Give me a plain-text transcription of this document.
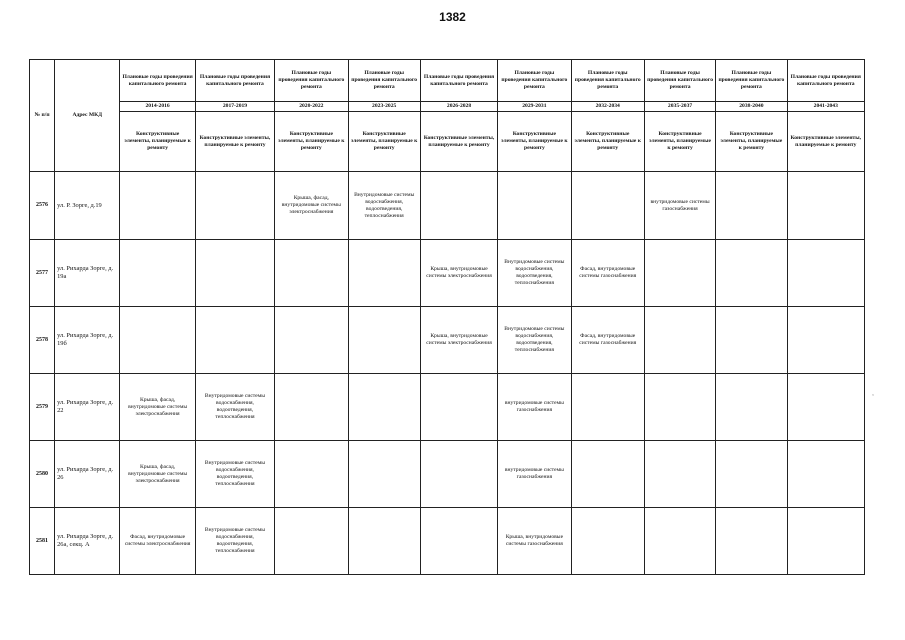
1382
№ п/п	Адрес МКД	Плановые годы проведения капитального ремонта	Плановые годы проведения капитального ремонта	Плановые годы проведения капитального ремонта	Плановые годы проведения капитального ремонта	Плановые годы проведения капитального ремонта	Плановые годы проведения капитального ремонта	Плановые годы проведения капитального ремонта	Плановые годы проведения капитального ремонта	Плановые годы проведения капитального ремонта	Плановые годы проведения капитального ремонта
		2014-2016	2017-2019	2020-2022	2023-2025	2026-2028	2029-2031	2032-2034	2035-2037	2038-2040	2041-2043
		Конструктивные элементы, планируемые к ремонту	Конструктивные элементы, планируемые к ремонту	Конструктивные элементы, планируемые к ремонту	Конструктивные элементы, планируемые к ремонту	Конструктивные элементы, планируемые к ремонту	Конструктивные элементы, планируемые к ремонту	Конструктивные элементы, планируемые к ремонту	Конструктивные элементы, планируемые к ремонту	Конструктивные элементы, планируемые к ремонту	Конструктивные элементы, планируемые к ремонту
2576	ул. Р. Зорге, д.19			Крыша, фасад, внутридомовые системы электроснабжения	Внутридомовые системы водоснабжения, водоотведения, теплоснабжения				внутридомовые системы газоснабжения		
2577	ул. Рихарда Зорге, д. 19а					Крыша, внутридомовые системы электроснабжения	Внутридомовые системы водоснабжения, водоотведения, теплоснабжения	Фасад, внутридомовые системы газоснабжения			
2578	ул. Рихарда Зорге, д. 19б					Крыша, внутридомовые системы электроснабжения	Внутридомовые системы водоснабжения, водоотведения, теплоснабжения	Фасад, внутридомовые системы газоснабжения			
2579	ул. Рихарда Зорге, д. 22	Крыша, фасад, внутридомовые системы электроснабжения	Внутридомовые системы водоснабжения, водоотведения, теплоснабжения				внутридомовые системы газоснабжения				
2580	ул. Рихарда Зорге, д. 26	Крыша, фасад, внутридомовые системы электроснабжения	Внутридомовые системы водоснабжения, водоотведения, теплоснабжения				внутридомовые системы газоснабжения				
2581	ул. Рихарда Зорге, д. 26а, секц. А	Фасад, внутридомовые системы электроснабжения	Внутридомовые системы водоснабжения, водоотведения, теплоснабжения				Крыша, внутридомовые системы газоснабжения				
,
